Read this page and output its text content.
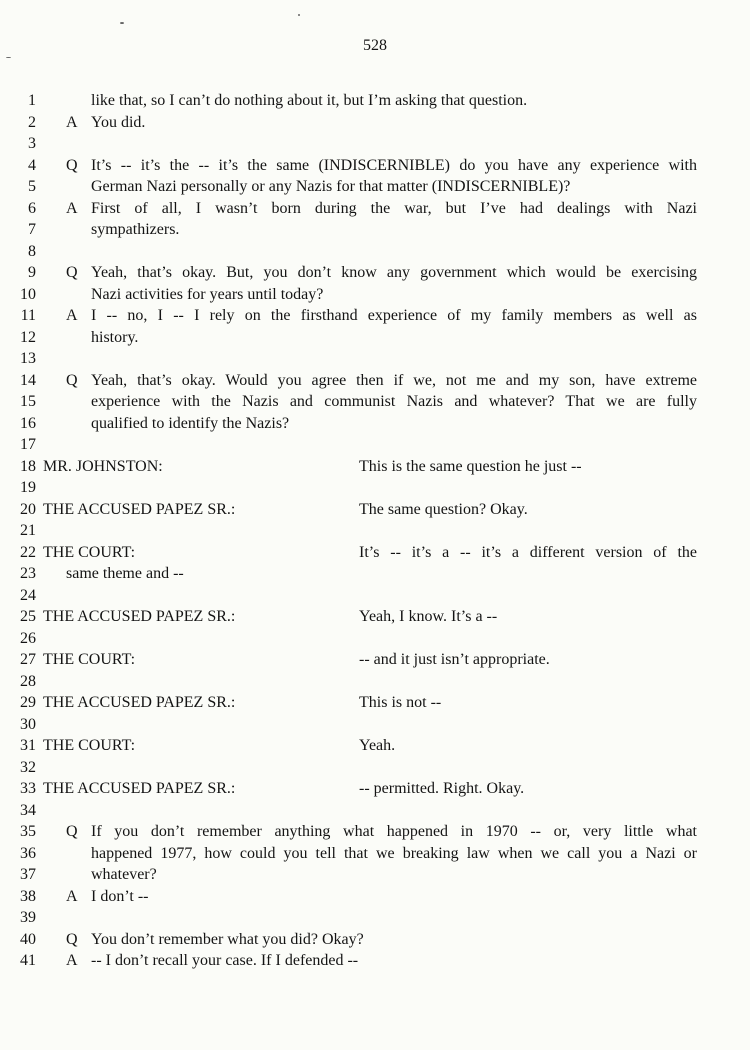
528
1	like that, so I can’t do nothing about it, but I’m asking that question.
2 A You did.
3
4 Q It’s -- it’s the -- it’s the same (INDISCERNIBLE) do you have any experience with
5	German Nazi personally or any Nazis for that matter (INDISCERNIBLE)?
6 A First of all, I wasn’t born during the war, but I’ve had dealings with Nazi
7	sympathizers.
8
9 Q Yeah, that’s okay. But, you don’t know any government which would be exercising
10	Nazi activities for years until today?
11 A I -- no, I -- I rely on the firsthand experience of my family members as well as
12	history.
13
14 Q Yeah, that’s okay. Would you agree then if we, not me and my son, have extreme
15	experience with the Nazis and communist Nazis and whatever? That we are fully
16	qualified to identify the Nazis?
17
18 MR. JOHNSTON:	This is the same question he just --
19
20 THE ACCUSED PAPEZ SR.:	The same question? Okay.
21
22 THE COURT:	It’s -- it’s a -- it’s a different version of the
23 same theme and --
24
25 THE ACCUSED PAPEZ SR.:	Yeah, I know. It’s a --
26
27 THE COURT:	-- and it just isn’t appropriate.
28
29 THE ACCUSED PAPEZ SR.:	This is not --
30
31 THE COURT:	Yeah.
32
33 THE ACCUSED PAPEZ SR.:	-- permitted. Right. Okay.
34
35 Q If you don’t remember anything what happened in 1970 -- or, very little what
36	happened 1977, how could you tell that we breaking law when we call you a Nazi or
37	whatever?
38 A I don’t --
39
40 Q You don’t remember what you did? Okay?
41 A -- I don’t recall your case. If I defended --
